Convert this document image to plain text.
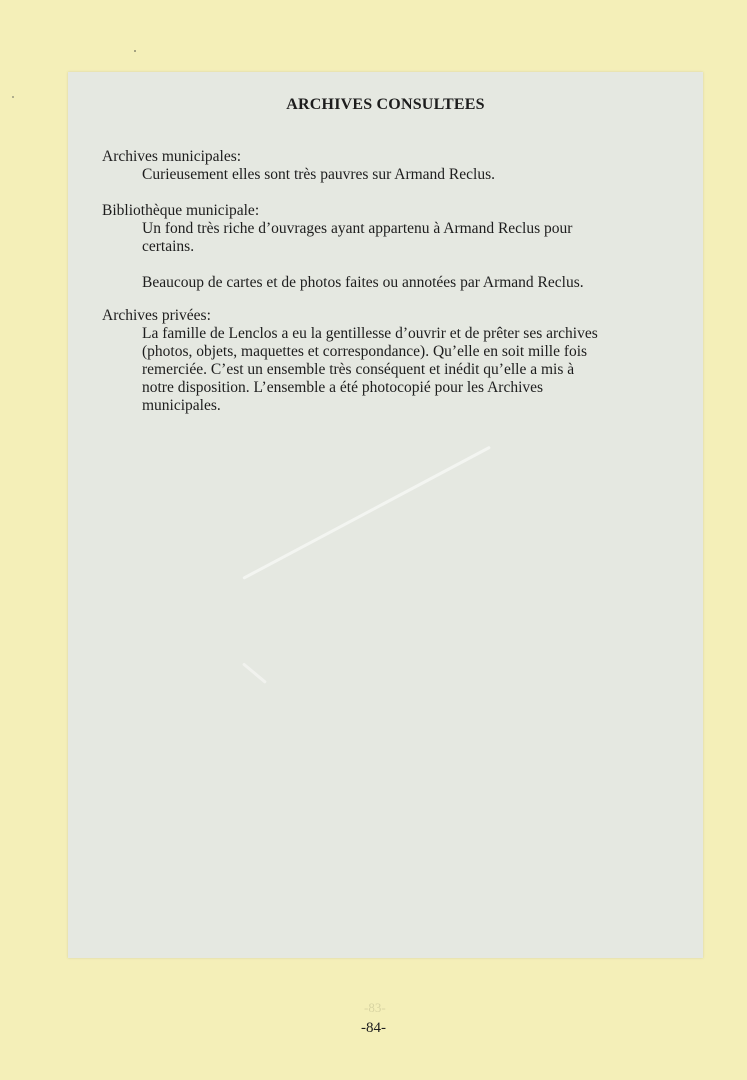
ARCHIVES CONSULTEES
Archives municipales:
Curieusement elles sont très pauvres sur Armand Reclus.
Bibliothèque municipale:
Un fond très riche d’ouvrages ayant appartenu à Armand Reclus pour
certains.
Beaucoup de cartes et de photos faites ou annotées par Armand Reclus.
Archives privées:
La famille de Lenclos a eu la gentillesse d’ouvrir et de prêter ses archives
(photos, objets, maquettes et correspondance). Qu’elle en soit mille fois
remerciée. C’est un ensemble très conséquent et inédit qu’elle a mis à
notre disposition. L’ensemble a été photocopié pour les Archives
municipales.
-83-
-84-
